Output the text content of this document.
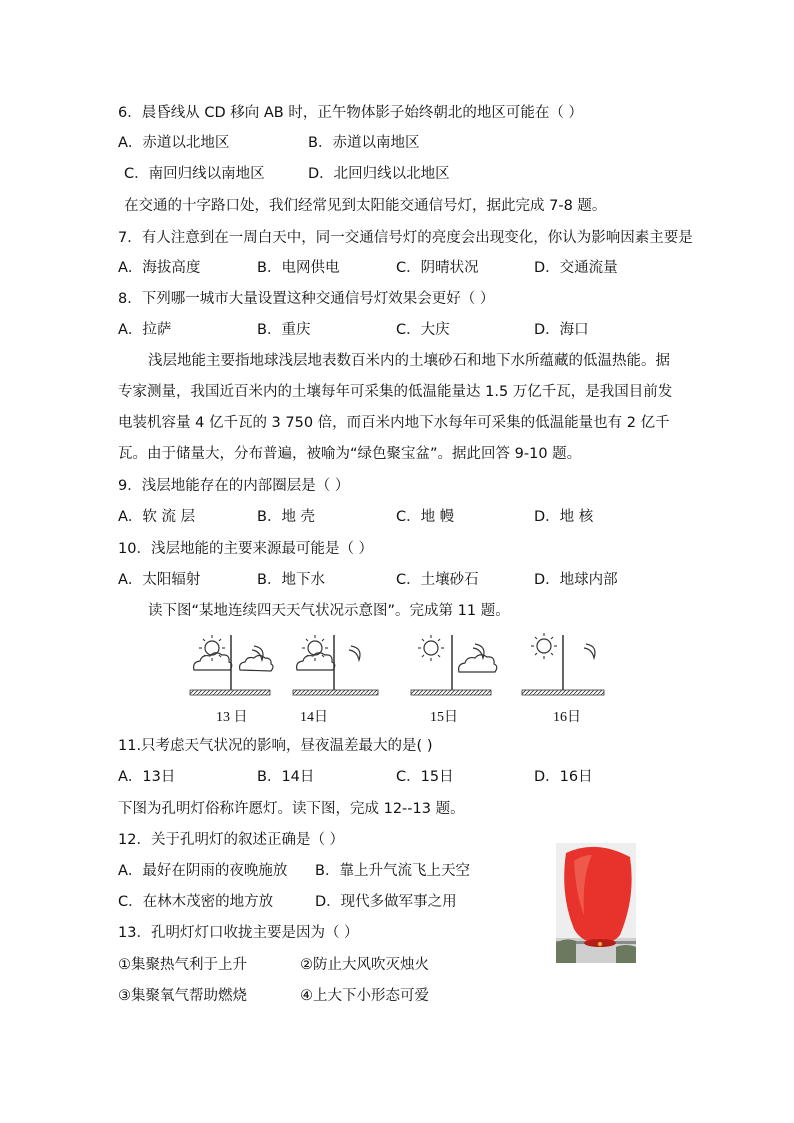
6．晨昏线从 CD 移向 AB 时，正午物体影子始终朝北的地区可能在（ ）
A．赤道以北地区	B．赤道以南地区
C．南回归线以南地区	D．北回归线以北地区
在交通的十字路口处，我们经常见到太阳能交通信号灯，据此完成 7-8 题。
7．有人注意到在一周白天中，同一交通信号灯的亮度会出现变化，你认为影响因素主要是
A．海拔高度	B．电网供电	C．阴晴状况	D．交通流量
8．下列哪一城市大量设置这种交通信号灯效果会更好（ ）
A．拉萨	B．重庆	C．大庆	D．海口
浅层地能主要指地球浅层地表数百米内的土壤砂石和地下水所蕴藏的低温热能。据专家测量，我国近百米内的土壤每年可采集的低温能量达 1.5 万亿千瓦，是我国目前发电装机容量 4 亿千瓦的 3 750 倍，而百米内地下水每年可采集的低温能量也有 2 亿千瓦。由于储量大，分布普遍，被喻为“绿色聚宝盆”。据此回答 9-10 题。
9．浅层地能存在的内部圈层是（ ）
A．软 流 层	B．地 壳	C．地 幔	D．地 核
10．浅层地能的主要来源最可能是（ ）
A．太阳辐射	B．地下水	C．土壤砂石	D．地球内部
读下图“某地连续四天天气状况示意图”。完成第 11 题。
13 日	14日	15日	16日
11.只考虑天气状况的影响，昼夜温差最大的是( )
A．13日	B．14日	C．15日	D．16日
下图为孔明灯俗称许愿灯。读下图，完成 12--13 题。
12．关于孔明灯的叙述正确是（ ）
A．最好在阴雨的夜晚施放 B．靠上升气流飞上天空
C．在林木茂密的地方放	D．现代多做军事之用
13．孔明灯灯口收拢主要是因为（ ）
①集聚热气利于上升	②防止大风吹灭烛火
③集聚氧气帮助燃烧	④上大下小形态可爱
